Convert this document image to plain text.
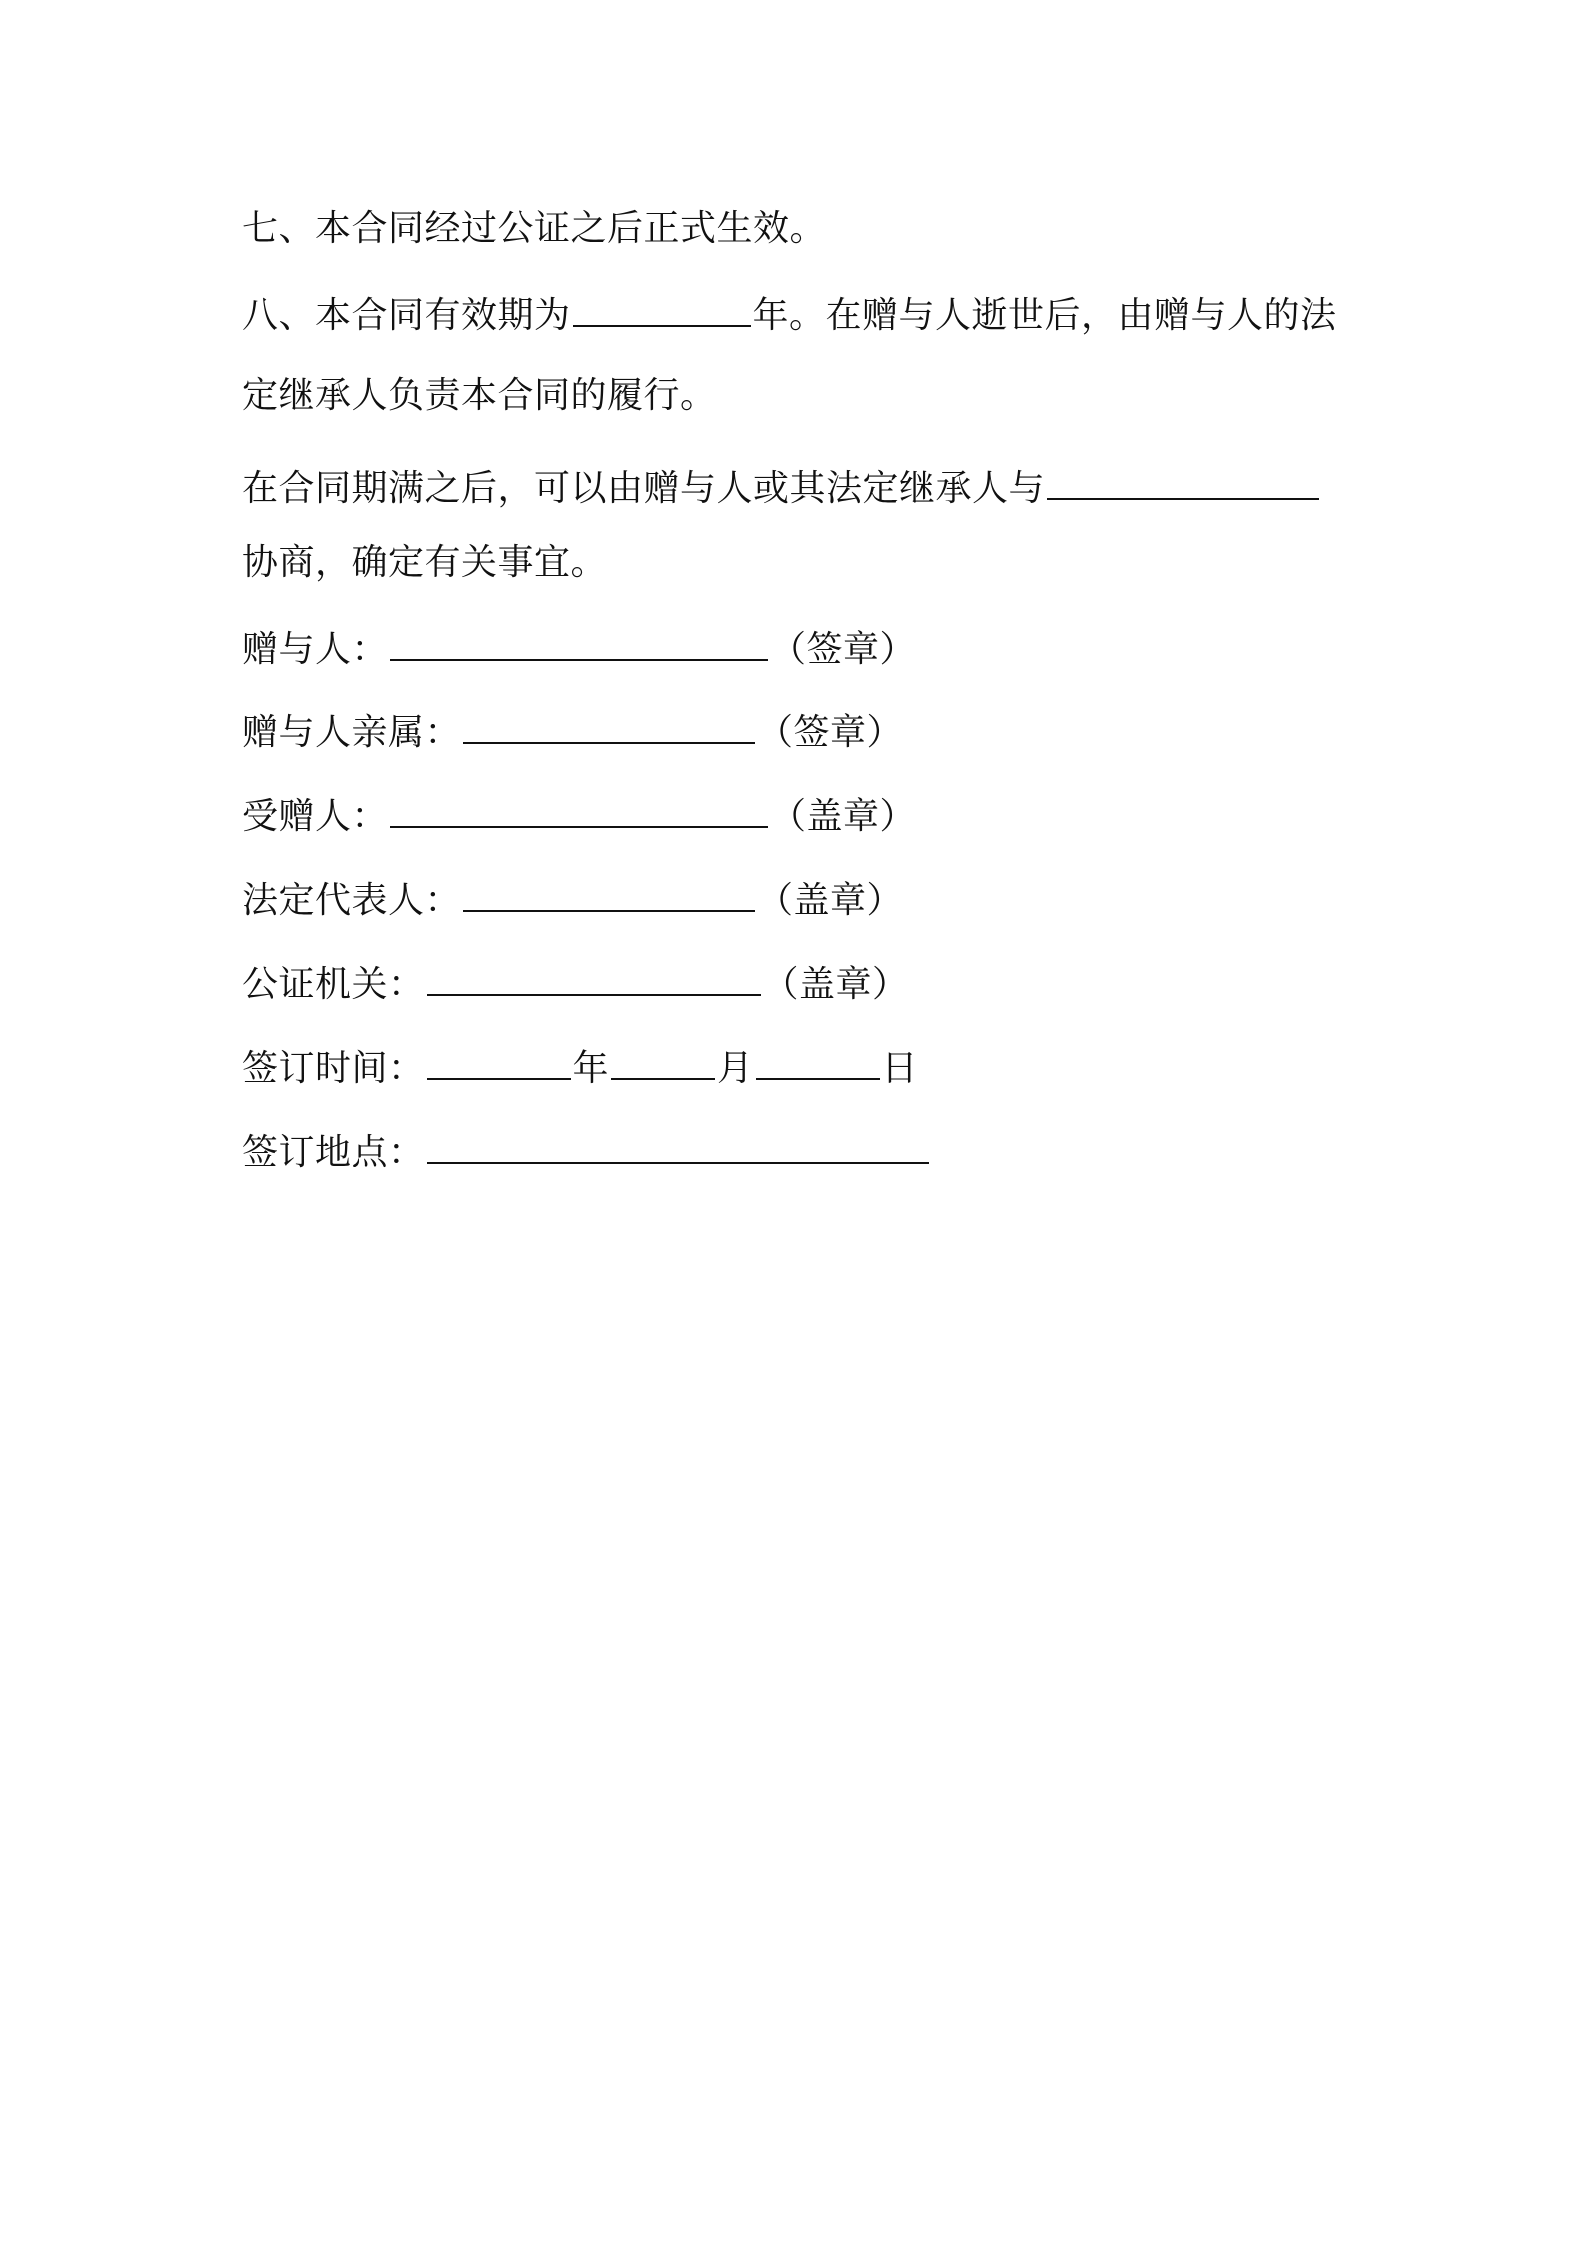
七、本合同经过公证之后正式生效。
八、本合同有效期为	年。在赠与人逝世后，由赠与人的法
定继承人负责本合同的履行。
在合同期满之后，可以由赠与人或其法定继承人与
协商，确定有关事宜。
赠与人：	（签章）
赠与人亲属：	（签章）
受赠人：	（盖章）
法定代表人：	（盖章）
公证机关：	（盖章）
签订时间：	年	月	日
签订地点：
